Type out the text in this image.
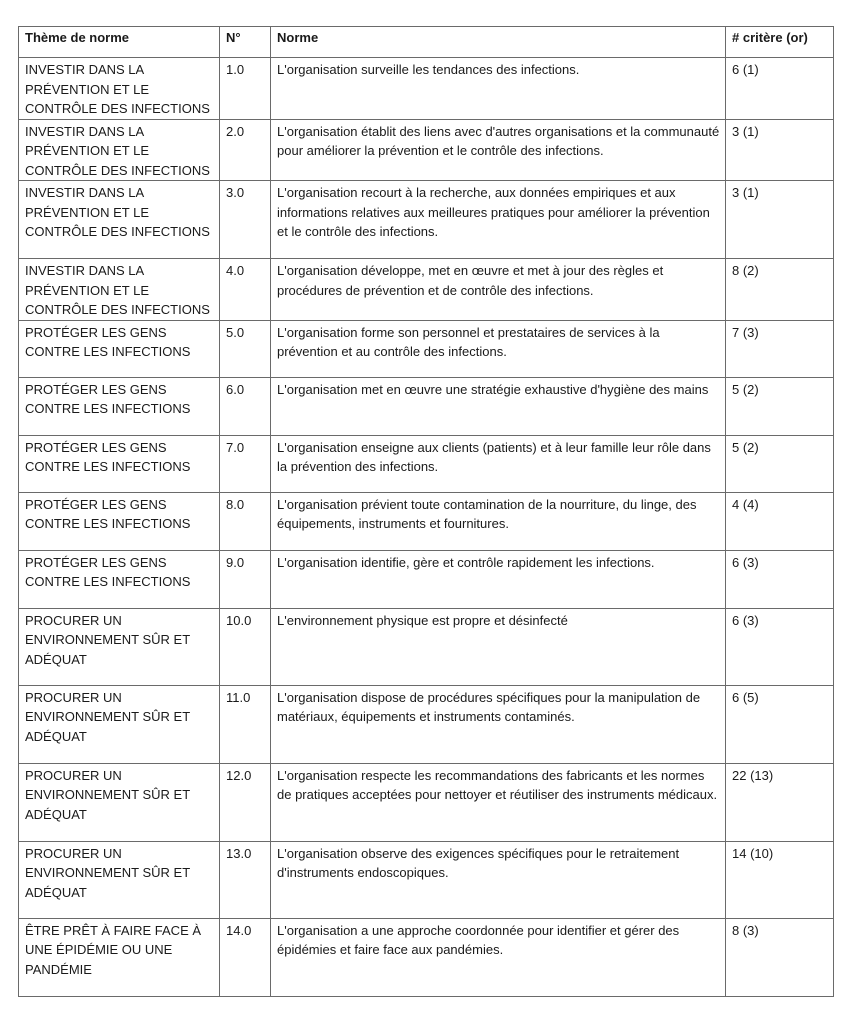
Thème de norme	N°	Norme	# critère (or)
INVESTIR DANS LA PRÉVENTION ET LE CONTRÔLE DES INFECTIONS	1.0	L'organisation surveille les tendances des infections.	6 (1)
INVESTIR DANS LA PRÉVENTION ET LE CONTRÔLE DES INFECTIONS	2.0	L'organisation établit des liens avec d'autres organisations et la communauté pour améliorer la prévention et le contrôle des infections.	3 (1)
INVESTIR DANS LA PRÉVENTION ET LE CONTRÔLE DES INFECTIONS	3.0	L'organisation recourt à la recherche, aux données empiriques et aux informations relatives aux meilleures pratiques pour améliorer la prévention et le contrôle des infections.	3 (1)
INVESTIR DANS LA PRÉVENTION ET LE CONTRÔLE DES INFECTIONS	4.0	L'organisation développe, met en œuvre et met à jour des règles et procédures de prévention et de contrôle des infections.	8 (2)
PROTÉGER LES GENS CONTRE LES INFECTIONS	5.0	L'organisation forme son personnel et prestataires de services à la prévention et au contrôle des infections.	7 (3)
PROTÉGER LES GENS CONTRE LES INFECTIONS	6.0	L'organisation met en œuvre une stratégie exhaustive d'hygiène des mains	5 (2)
PROTÉGER LES GENS CONTRE LES INFECTIONS	7.0	L'organisation enseigne aux clients (patients) et à leur famille leur rôle dans la prévention des infections.	5 (2)
PROTÉGER LES GENS CONTRE LES INFECTIONS	8.0	L'organisation prévient toute contamination de la nourriture, du linge, des équipements, instruments et fournitures.	4 (4)
PROTÉGER LES GENS CONTRE LES INFECTIONS	9.0	L'organisation identifie, gère et contrôle rapidement les infections.	6 (3)
PROCURER UN ENVIRONNEMENT SÛR ET ADÉQUAT	10.0	L'environnement physique est propre et désinfecté	6 (3)
PROCURER UN ENVIRONNEMENT SÛR ET ADÉQUAT	11.0	L'organisation dispose de procédures spécifiques pour la manipulation de matériaux, équipements et instruments contaminés.	6 (5)
PROCURER UN ENVIRONNEMENT SÛR ET ADÉQUAT	12.0	L'organisation respecte les recommandations des fabricants et les normes de pratiques acceptées pour nettoyer et réutiliser des instruments médicaux.	22 (13)
PROCURER UN ENVIRONNEMENT SÛR ET ADÉQUAT	13.0	L'organisation observe des exigences spécifiques pour le retraitement d'instruments endoscopiques.	14 (10)
ÊTRE PRÊT À FAIRE FACE À UNE ÉPIDÉMIE OU UNE PANDÉMIE	14.0	L'organisation a une approche coordonnée pour identifier et gérer des épidémies et faire face aux pandémies.	8 (3)
